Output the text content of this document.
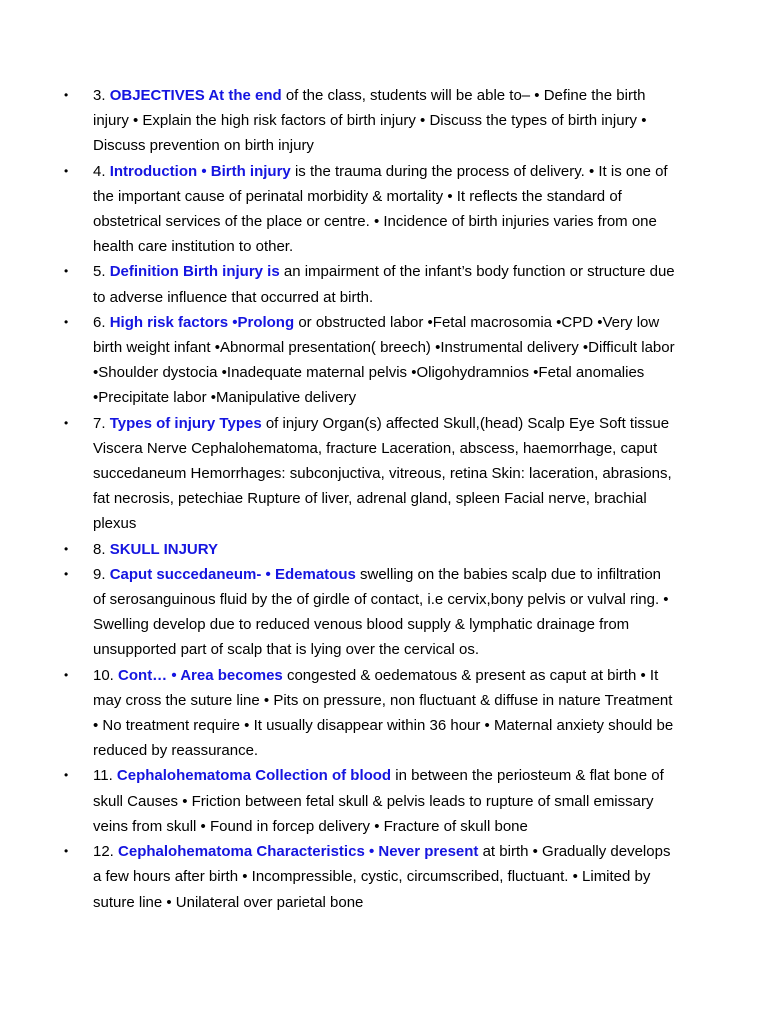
• 3. OBJECTIVES At the end of the class, students will be able to– • Define the birth injury • Explain the high risk factors of birth injury • Discuss the types of birth injury • Discuss prevention on birth injury
• 4. Introduction • Birth injury is the trauma during the process of delivery. • It is one of the important cause of perinatal morbidity & mortality • It reflects the standard of obstetrical services of the place or centre. • Incidence of birth injuries varies from one health care institution to other.
• 5. Definition Birth injury is an impairment of the infant’s body function or structure due to adverse influence that occurred at birth.
• 6. High risk factors •Prolong or obstructed labor •Fetal macrosomia •CPD •Very low birth weight infant •Abnormal presentation( breech) •Instrumental delivery •Difficult labor •Shoulder dystocia •Inadequate maternal pelvis •Oligohydramnios •Fetal anomalies •Precipitate labor •Manipulative delivery
• 7. Types of injury Types of injury Organ(s) affected Skull,(head) Scalp Eye Soft tissue Viscera Nerve Cephalohematoma, fracture Laceration, abscess, haemorrhage, caput succedaneum Hemorrhages: subconjuctiva, vitreous, retina Skin: laceration, abrasions, fat necrosis, petechiae Rupture of liver, adrenal gland, spleen Facial nerve, brachial plexus
• 8. SKULL INJURY
• 9. Caput succedaneum- • Edematous swelling on the babies scalp due to infiltration of serosanguinous fluid by the of girdle of contact, i.e cervix,bony pelvis or vulval ring. • Swelling develop due to reduced venous blood supply & lymphatic drainage from unsupported part of scalp that is lying over the cervical os.
• 10. Cont… • Area becomes congested & oedematous & present as caput at birth • It may cross the suture line • Pits on pressure, non fluctuant & diffuse in nature Treatment • No treatment require • It usually disappear within 36 hour • Maternal anxiety should be reduced by reassurance.
• 11. Cephalohematoma Collection of blood in between the periosteum & flat bone of skull Causes • Friction between fetal skull & pelvis leads to rupture of small emissary veins from skull • Found in forcep delivery • Fracture of skull bone
• 12. Cephalohematoma Characteristics • Never present at birth • Gradually develops a few hours after birth • Incompressible, cystic, circumscribed, fluctuant. • Limited by suture line • Unilateral over parietal bone
